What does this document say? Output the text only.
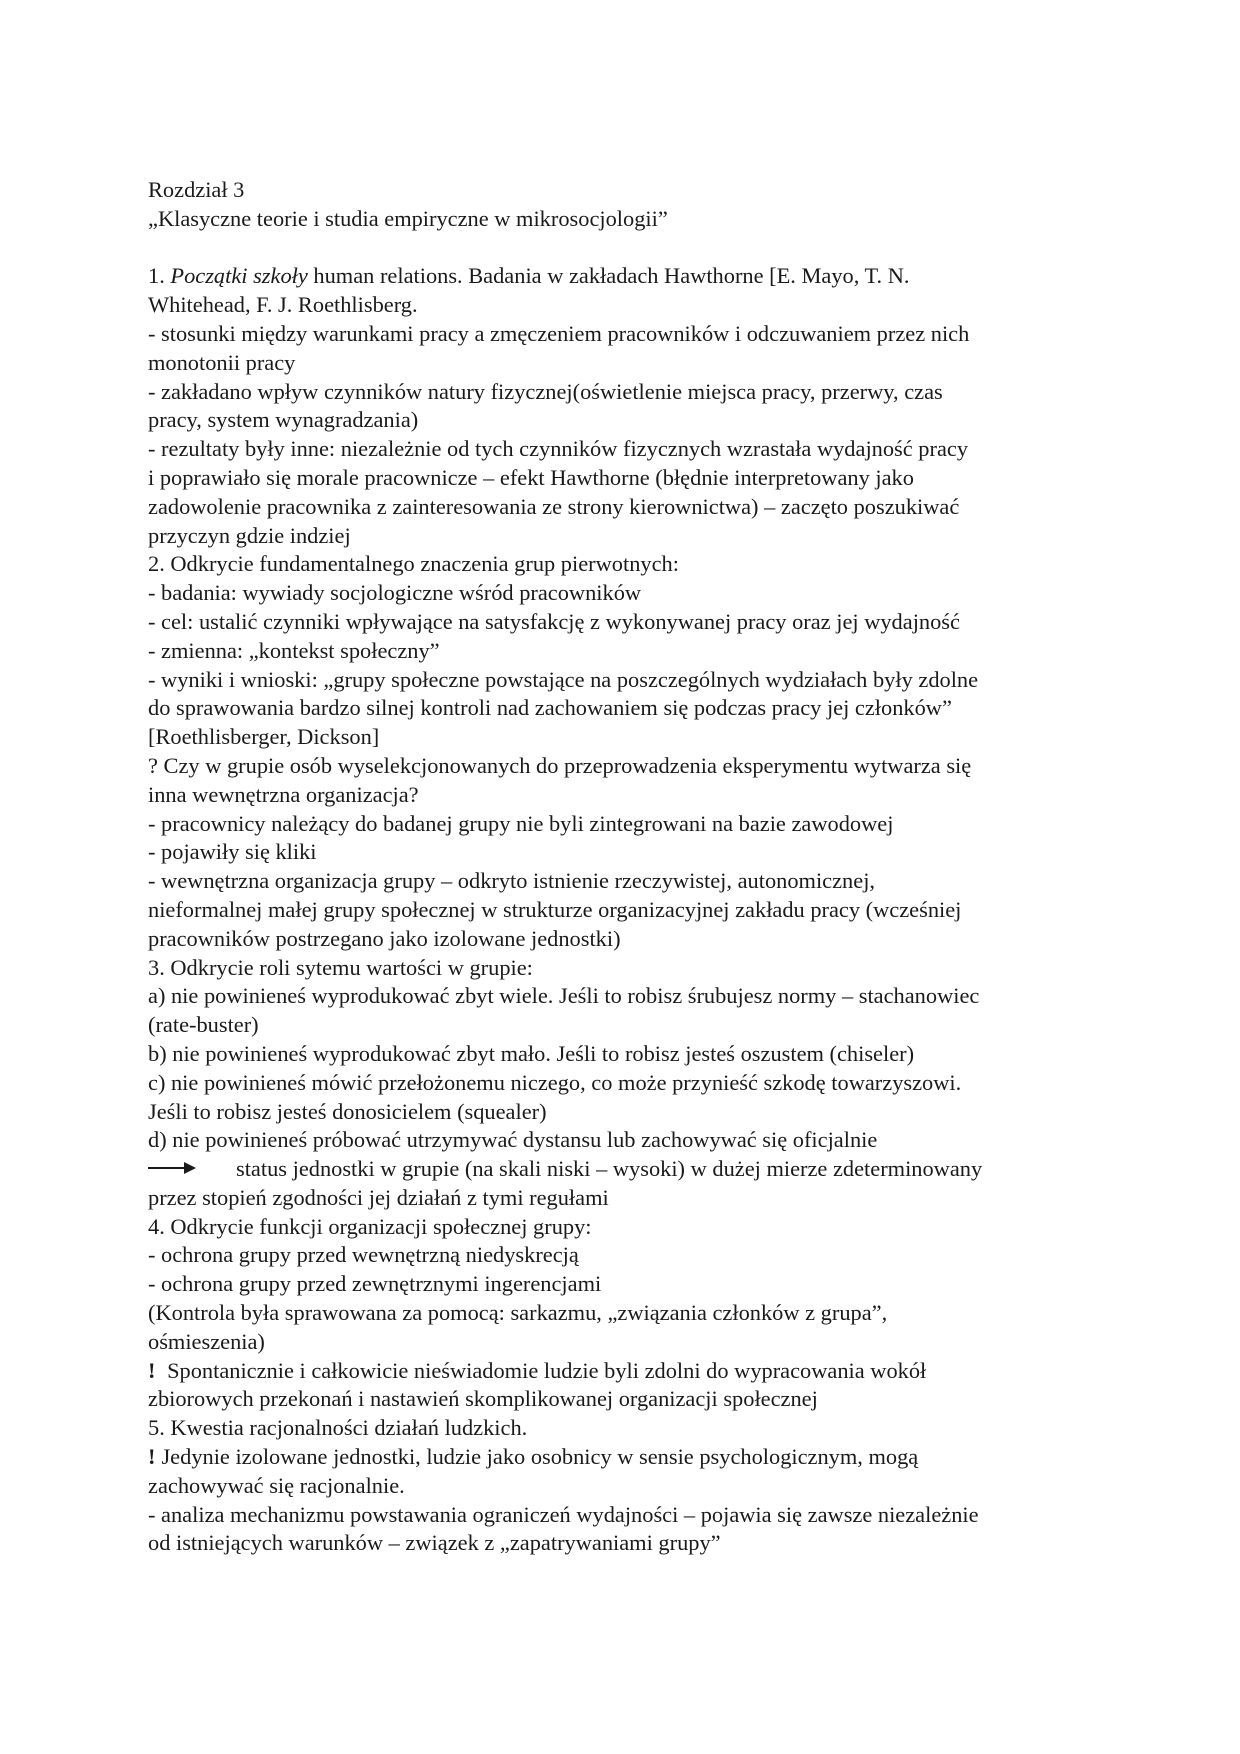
Rozdział 3
„Klasyczne teorie i studia empiryczne w mikrosocjologii”
1. Początki szkoły human relations. Badania w zakładach Hawthorne [E. Mayo, T. N.
Whitehead, F. J. Roethlisberg.
- stosunki między warunkami pracy a zmęczeniem pracowników i odczuwaniem przez nich
monotonii pracy
- zakładano wpływ czynników natury fizycznej(oświetlenie miejsca pracy, przerwy, czas
pracy, system wynagradzania)
- rezultaty były inne: niezależnie od tych czynników fizycznych wzrastała wydajność pracy
i poprawiało się morale pracownicze – efekt Hawthorne (błędnie interpretowany jako
zadowolenie pracownika z zainteresowania ze strony kierownictwa) – zaczęto poszukiwać
przyczyn gdzie indziej
2. Odkrycie fundamentalnego znaczenia grup pierwotnych:
- badania: wywiady socjologiczne wśród pracowników
- cel: ustalić czynniki wpływające na satysfakcję z wykonywanej pracy oraz jej wydajność
- zmienna: „kontekst społeczny”
- wyniki i wnioski: „grupy społeczne powstające na poszczególnych wydziałach były zdolne
do sprawowania bardzo silnej kontroli nad zachowaniem się podczas pracy jej członków”
[Roethlisberger, Dickson]
? Czy w grupie osób wyselekcjonowanych do przeprowadzenia eksperymentu wytwarza się
inna wewnętrzna organizacja?
- pracownicy należący do badanej grupy nie byli zintegrowani na bazie zawodowej
- pojawiły się kliki
- wewnętrzna organizacja grupy – odkryto istnienie rzeczywistej, autonomicznej,
nieformalnej małej grupy społecznej w strukturze organizacyjnej zakładu pracy (wcześniej
pracowników postrzegano jako izolowane jednostki)
3. Odkrycie roli sytemu wartości w grupie:
a) nie powinieneś wyprodukować zbyt wiele. Jeśli to robisz śrubujesz normy – stachanowiec
(rate-buster)
b) nie powinieneś wyprodukować zbyt mało. Jeśli to robisz jesteś oszustem (chiseler)
c) nie powinieneś mówić przełożonemu niczego, co może przynieść szkodę towarzyszowi.
Jeśli to robisz jesteś donosicielem (squealer)
d) nie powinieneś próbować utrzymywać dystansu lub zachowywać się oficjalnie
status jednostki w grupie (na skali niski – wysoki) w dużej mierze zdeterminowany
przez stopień zgodności jej działań z tymi regułami
4. Odkrycie funkcji organizacji społecznej grupy:
- ochrona grupy przed wewnętrzną niedyskrecją
- ochrona grupy przed zewnętrznymi ingerencjami
(Kontrola była sprawowana za pomocą: sarkazmu, „związania członków z grupa”,
ośmieszenia)
! Spontanicznie i całkowicie nieświadomie ludzie byli zdolni do wypracowania wokół
zbiorowych przekonań i nastawień skomplikowanej organizacji społecznej
5. Kwestia racjonalności działań ludzkich.
! Jedynie izolowane jednostki, ludzie jako osobnicy w sensie psychologicznym, mogą
zachowywać się racjonalnie.
- analiza mechanizmu powstawania ograniczeń wydajności – pojawia się zawsze niezależnie
od istniejących warunków – związek z „zapatrywaniami grupy”
